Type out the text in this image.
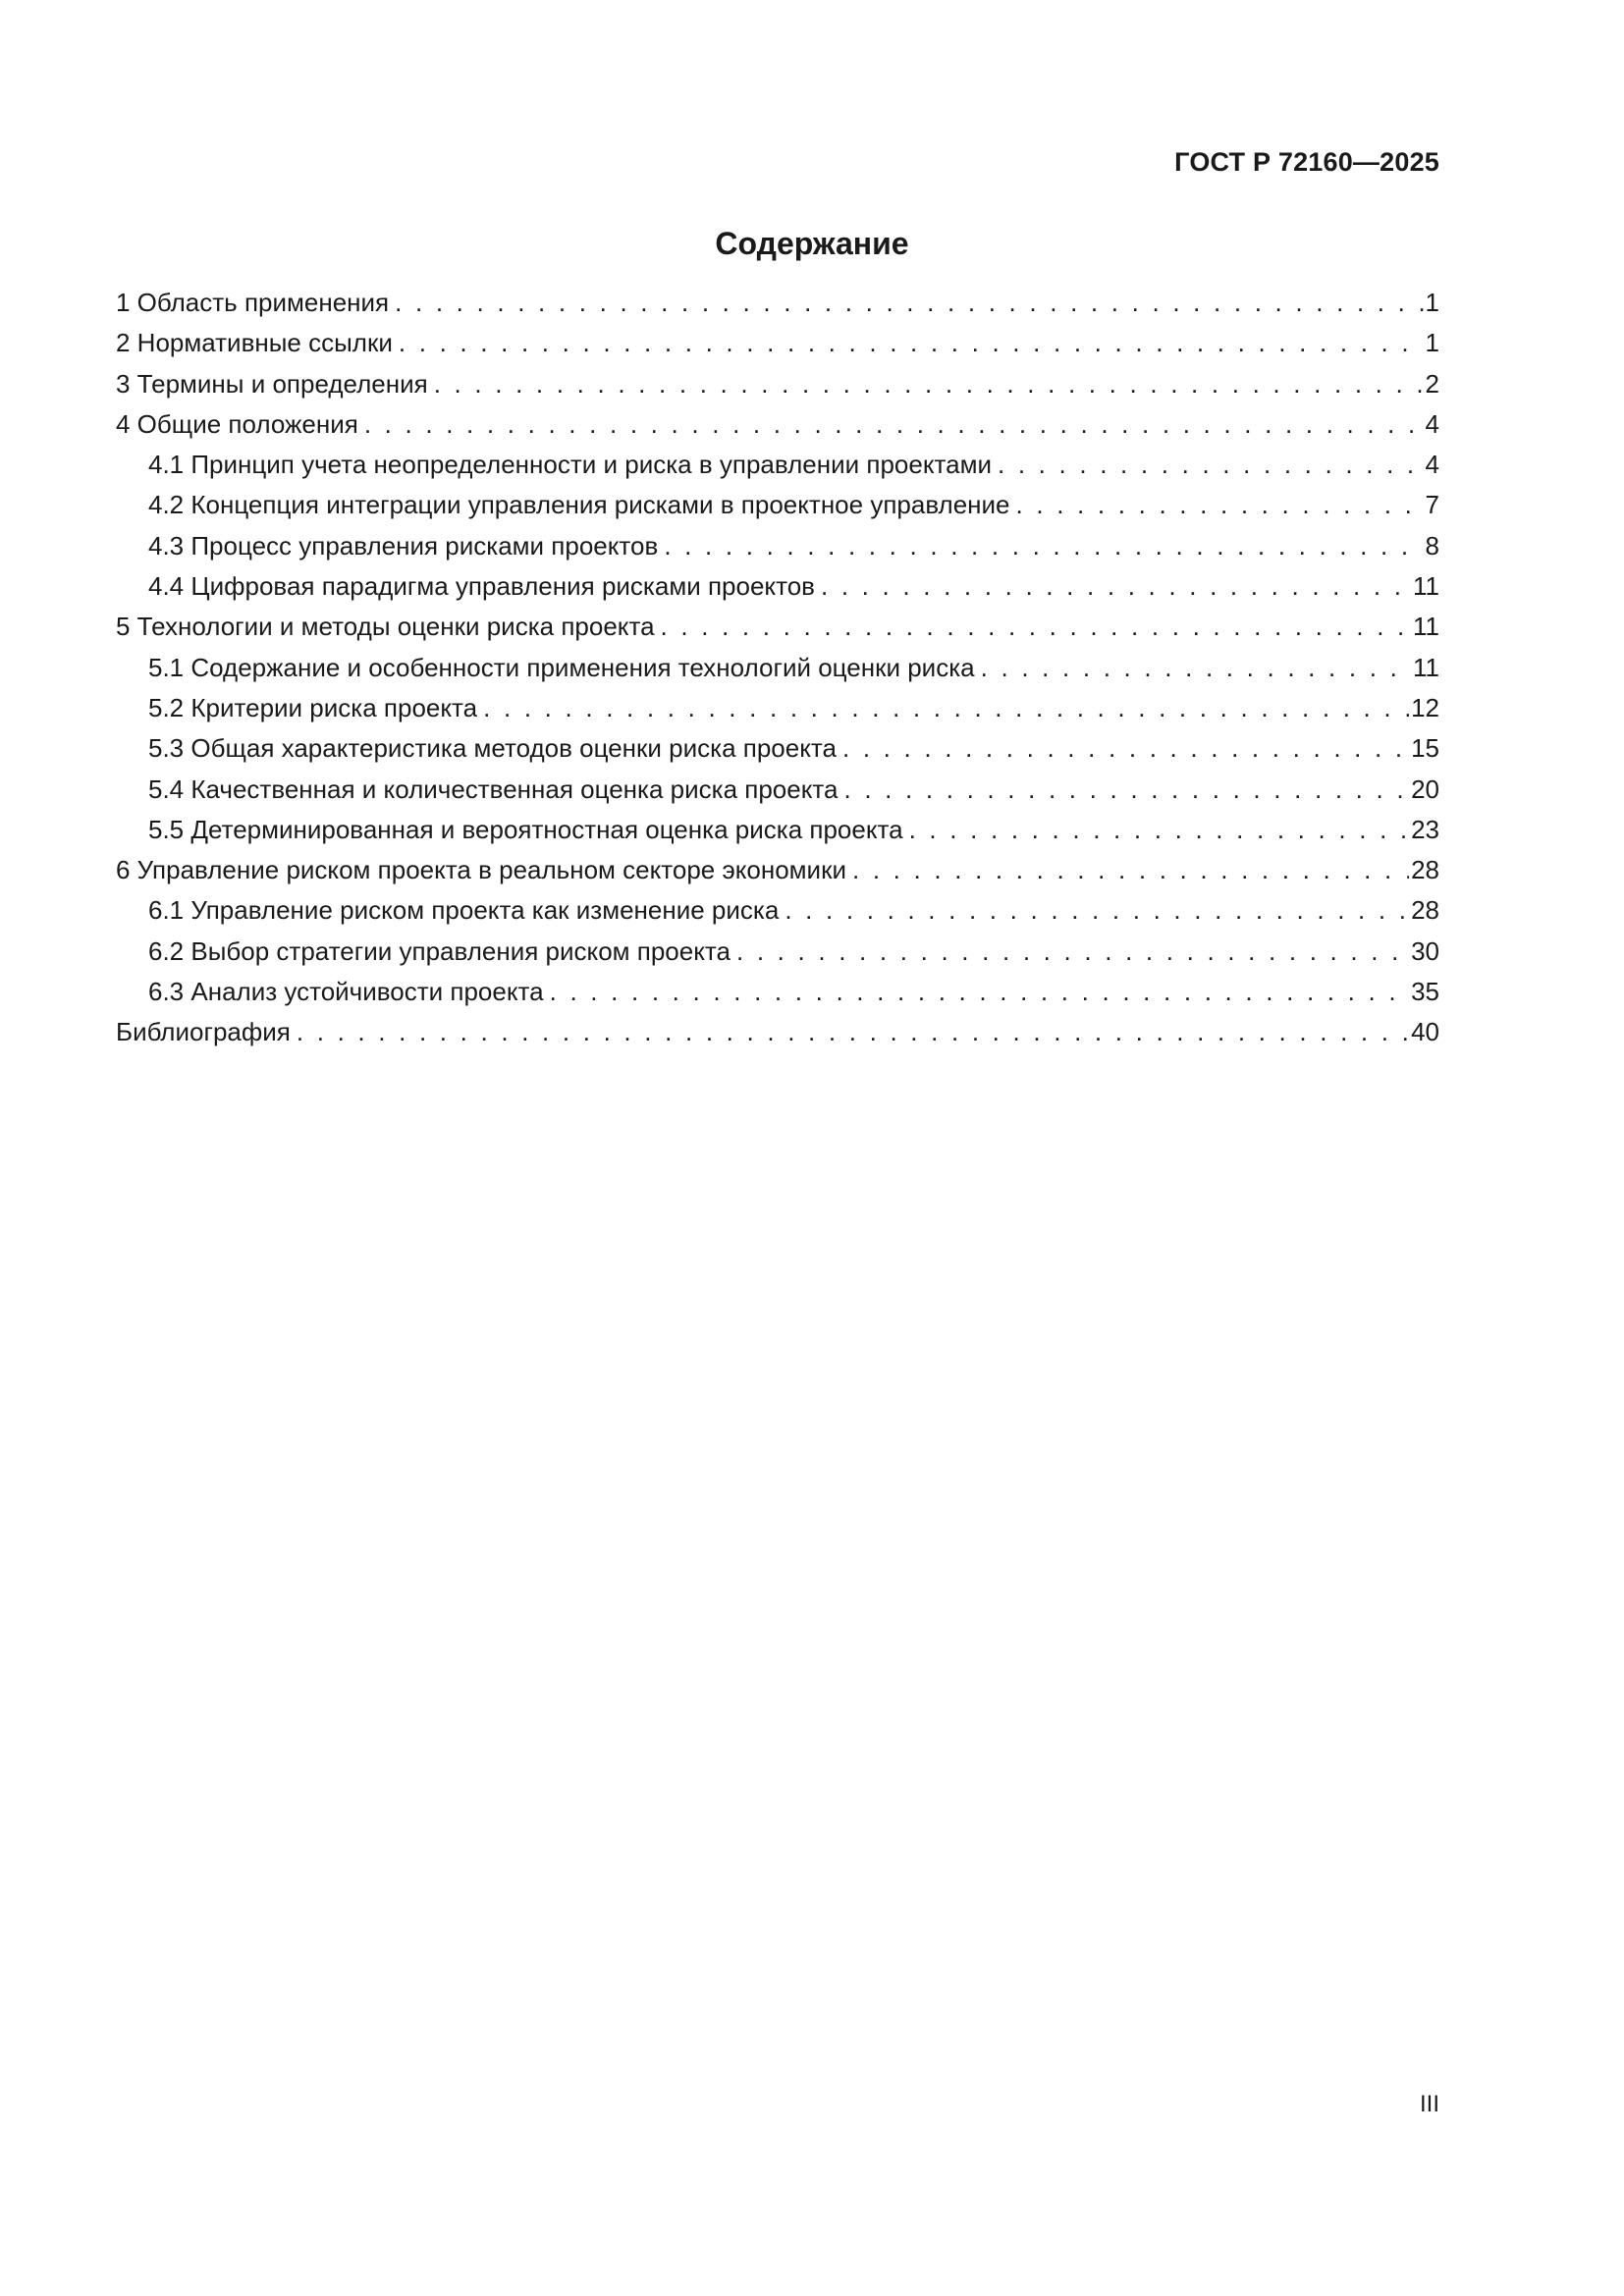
ГОСТ Р 72160—2025
Содержание
1 Область применения . . .	1
2 Нормативные ссылки . . .	1
3 Термины и определения . . .	2
4 Общие положения . . .	4
4.1 Принцип учета неопределенности и риска в управлении проектами . . .	4
4.2 Концепция интеграции управления рисками в проектное управление . . .	7
4.3 Процесс управления рисками проектов . . .	8
4.4 Цифровая парадигма управления рисками проектов . . .	11
5 Технологии и методы оценки риска проекта . . .	11
5.1 Содержание и особенности применения технологий оценки риска . . .	11
5.2 Критерии риска проекта . . .	12
5.3 Общая характеристика методов оценки риска проекта . . .	15
5.4 Качественная и количественная оценка риска проекта . . .	20
5.5 Детерминированная и вероятностная оценка риска проекта . . .	23
6 Управление риском проекта в реальном секторе экономики . . .	28
6.1 Управление риском проекта как изменение риска . . .	28
6.2 Выбор стратегии управления риском проекта . . .	30
6.3 Анализ устойчивости проекта . . .	35
Библиография . . .	40
III
